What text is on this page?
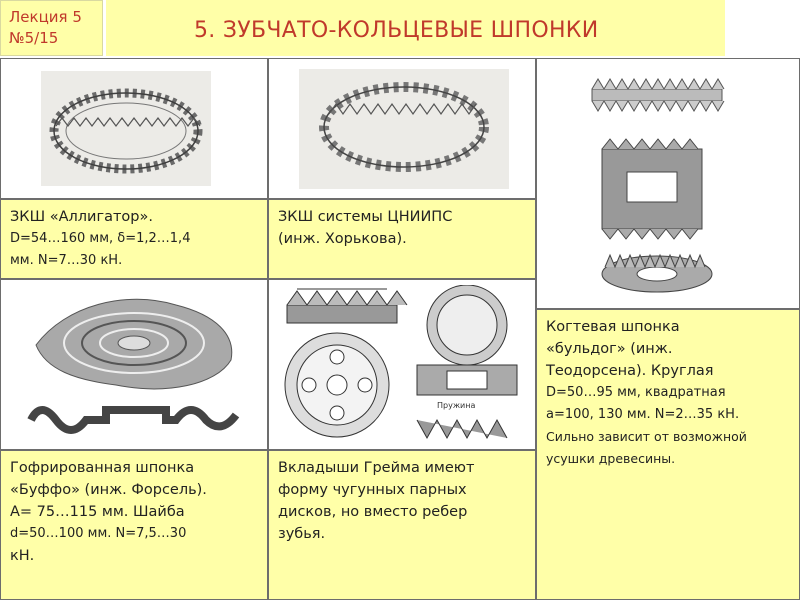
Лекция 5
№5/15	5. ЗУБЧАТО-КОЛЬЦЕВЫЕ ШПОНКИ
ЗКШ «Аллигатор».
D=54…160 мм, δ=1,2…1,4
мм. N=7…30 кН.
ЗКШ системы ЦНИИПС
(инж. Хорькова).
Пружина
Когтевая шпонка
«бульдог» (инж.
Теодорсена). Круглая
D=50…95 мм, квадратная
a=100, 130 мм. N=2…35 кН.
Сильно зависит от возможной
усушки древесины.
Гофрированная шпонка
«Буффо» (инж. Форсель).
А= 75…115 мм. Шайба
d=50…100 мм. N=7,5…30
кН.
Вкладыши Грейма имеют
форму чугунных парных
дисков, но вместо ребер
зубья.
